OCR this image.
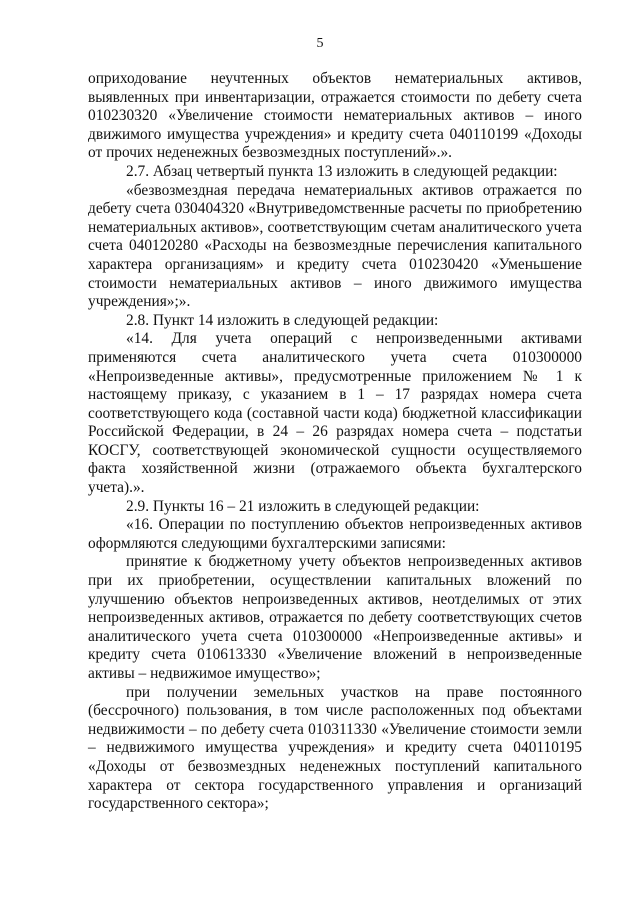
5

оприходование неучтенных объектов нематериальных активов, выявленных при инвентаризации, отражается стоимости по дебету счета 010230320 «Увеличение стоимости нематериальных активов – иного движимого имущества учреждения» и кредиту счета 040110199 «Доходы от прочих неденежных безвозмездных поступлений».».

2.7. Абзац четвертый пункта 13 изложить в следующей редакции:

«безвозмездная передача нематериальных активов отражается по дебету счета 030404320 «Внутриведомственные расчеты по приобретению нематериальных активов», соответствующим счетам аналитического учета счета 040120280 «Расходы на безвозмездные перечисления капитального характера организациям» и кредиту счета 010230420 «Уменьшение стоимости нематериальных активов – иного движимого имущества учреждения»;».

2.8. Пункт 14 изложить в следующей редакции:

«14. Для учета операций с непроизведенными активами применяются счета аналитического учета счета 010300000 «Непроизведенные активы», предусмотренные приложением № 1 к настоящему приказу, с указанием в 1 – 17 разрядах номера счета соответствующего кода (составной части кода) бюджетной классификации Российской Федерации, в 24 – 26 разрядах номера счета – подстатьи КОСГУ, соответствующей экономической сущности осуществляемого факта хозяйственной жизни (отражаемого объекта бухгалтерского учета).».

2.9. Пункты 16 – 21 изложить в следующей редакции:

«16. Операции по поступлению объектов непроизведенных активов оформляются следующими бухгалтерскими записями:

принятие к бюджетному учету объектов непроизведенных активов при их приобретении, осуществлении капитальных вложений по улучшению объектов непроизведенных активов, неотделимых от этих непроизведенных активов, отражается по дебету соответствующих счетов аналитического учета счета 010300000 «Непроизведенные активы» и кредиту счета 010613330 «Увеличение вложений в непроизведенные активы – недвижимое имущество»;

при получении земельных участков на праве постоянного (бессрочного) пользования, в том числе расположенных под объектами недвижимости – по дебету счета 010311330 «Увеличение стоимости земли – недвижимого имущества учреждения» и кредиту счета 040110195 «Доходы от безвозмездных неденежных поступлений капитального характера от сектора государственного управления и организаций государственного сектора»;
